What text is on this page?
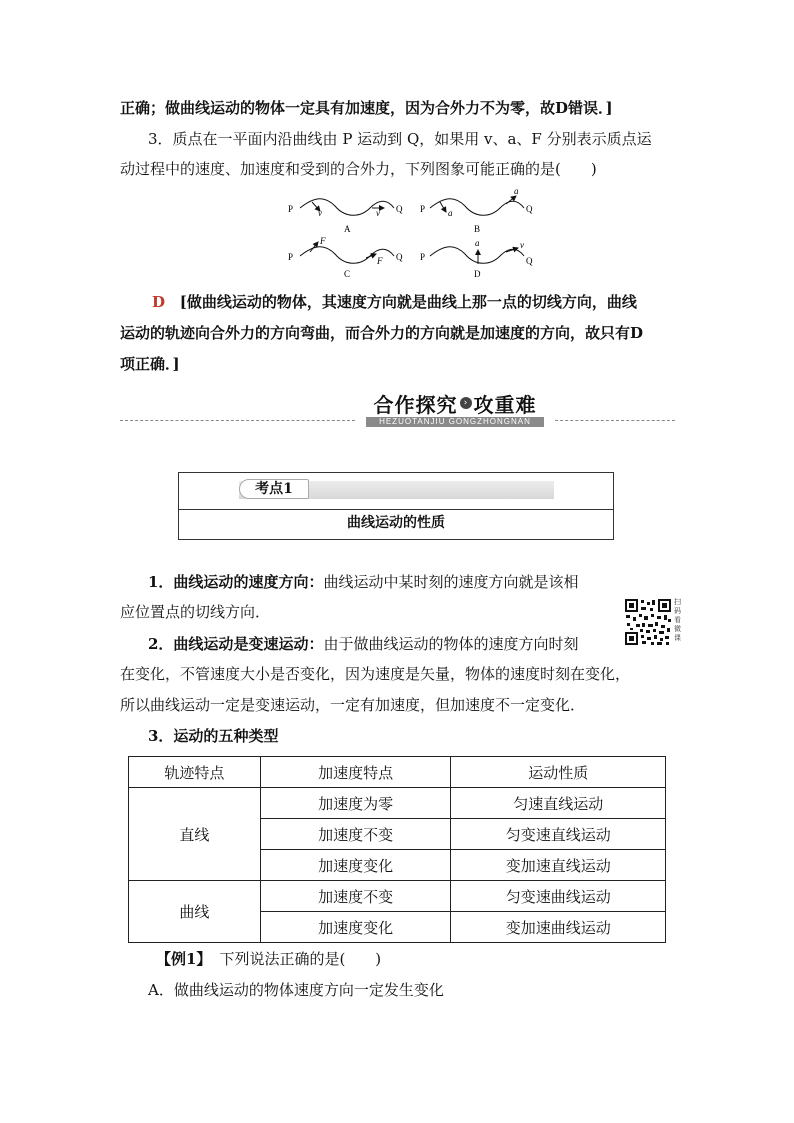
正确；做曲线运动的物体一定具有加速度，因为合外力不为零，故D错误．]
3．质点在一平面内沿曲线由 P 运动到 Q，如果用 v、a、F 分别表示质点运
动过程中的速度、加速度和受到的合外力，下列图象可能正确的是(　　)
P	Q
v	v
A
P	Q
a
a
B
P	Q
F
F
C
P	Q
a	v
D
D [做曲线运动的物体，其速度方向就是曲线上那一点的切线方向，曲线
运动的轨迹向合外力的方向弯曲，而合外力的方向就是加速度的方向，故只有D
项正确．]
合作探究 › 攻重难
HEZUOTANJIU GONGZHONGNAN
考点1
曲线运动的性质
1．曲线运动的速度方向：曲线运动中某时刻的速度方向就是该相
应位置点的切线方向．
扫码看微课
2．曲线运动是变速运动：由于做曲线运动的物体的速度方向时刻
在变化，不管速度大小是否变化，因为速度是矢量，物体的速度时刻在变化，
所以曲线运动一定是变速运动，一定有加速度，但加速度不一定变化．
3．运动的五种类型
轨迹特点	加速度特点	运动性质
直线	加速度为零	匀速直线运动
	加速度不变	匀变速直线运动
	加速度变化	变加速直线运动
曲线	加速度不变	匀变速曲线运动
	加速度变化	变加速曲线运动
【例1】 下列说法正确的是(　　)
A．做曲线运动的物体速度方向一定发生变化
